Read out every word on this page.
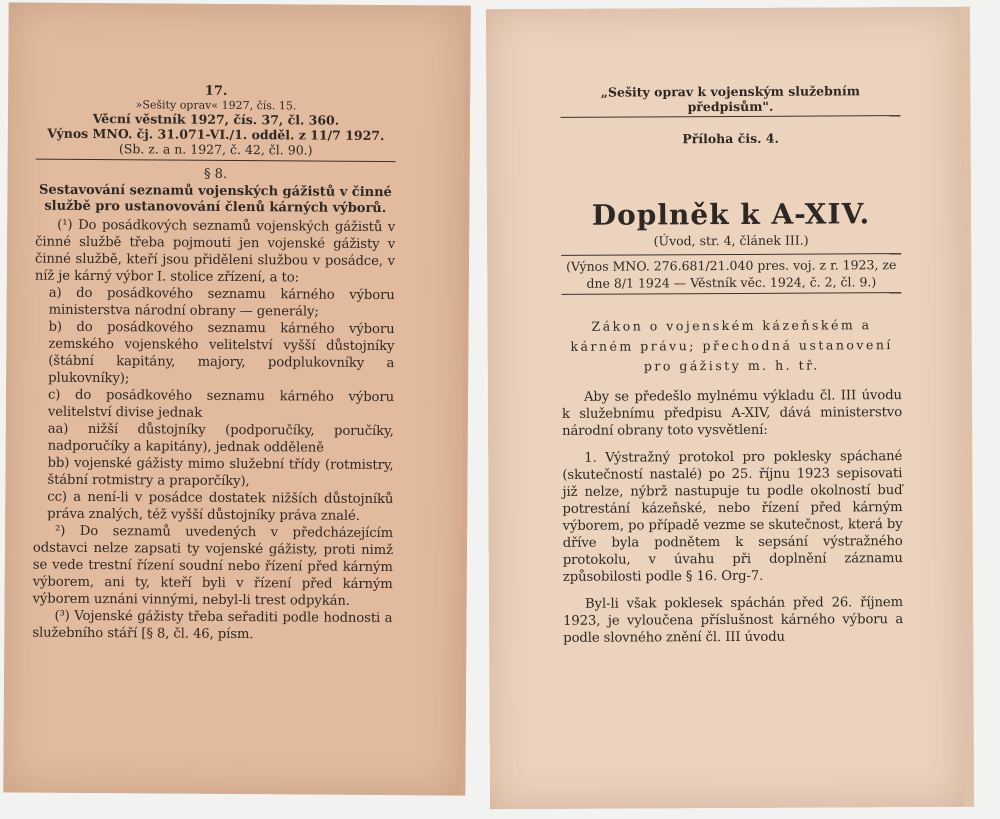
17.
»Sešity oprav« 1927, čís. 15.
Věcní věstník 1927, čís. 37, čl. 360.
Výnos MNO. čj. 31.071-VI./1. odděl. z 11/7 1927.
(Sb. z. a n. 1927, č. 42, čl. 90.)
§ 8.
Sestavování seznamů vojenských gážistů v činné službě pro ustanovování členů kárných výborů.

(¹) Do posádkových seznamů vojenských gážistů v činné službě třeba pojmouti jen vojenské gážisty v činné službě, kteří jsou přiděleni službou v posádce, v níž je kárný výbor I. stolice zřízení, a to:

a) do posádkového seznamu kárného výboru ministerstva národní obrany — generály;

b) do posádkového seznamu kárného výboru zemského vojenského velitelství vyšší důstojníky (štábní kapitány, majory, podplukovníky a plukovníky);

c) do posádkového seznamu kárného výboru velitelství divise jednak

aa) nižší důstojníky (podporučíky, poručíky, nadporučíky a kapitány), jednak odděleně

bb) vojenské gážisty mimo služební třídy (rotmistry, štábní rotmistry a praporčíky),

cc) a není-li v posádce dostatek nižších důstojníků práva znalých, též vyšší důstojníky práva znalé.

²) Do seznamů uvedených v předcházejícím odstavci nelze zapsati ty vojenské gážisty, proti nimž se vede trestní řízení soudní nebo řízení před kárným výborem, ani ty, kteří byli v řízení před kárným výborem uznáni vinnými, nebyl-li trest odpykán.

(³) Vojenské gážisty třeba seřaditi podle hodnosti a služebního stáří [§ 8, čl. 46, písm.

„Sešity oprav k vojenským služebním předpisům".
Příloha čis. 4.
Doplněk k A-XIV.
(Úvod, str. 4, článek III.)
(Výnos MNO. 276.681/21.040 pres. voj. z r. 1923, ze dne 8/1 1924 — Věstník věc. 1924, č. 2, čl. 9.)
Zákon o vojenském kázeňském a kárném právu; přechodná ustanovení pro gážisty m. h. tř.

Aby se předešlo mylnému výkladu čl. III úvodu k služebnímu předpisu A-XIV, dává ministerstvo národní obrany toto vysvětlení:

1. Výstražný protokol pro poklesky spáchané (skutečností nastalé) po 25. říjnu 1923 sepisovati již nelze, nýbrž nastupuje tu podle okolností buď potrestání kázeňské, nebo řízení před kárným výborem, po případě vezme se skutečnost, která by dříve byla podnětem k sepsání výstražného protokolu, v úvahu při doplnění záznamu způsobilosti podle § 16. Org-7.

Byl-li však poklesek spáchán před 26. říjnem 1923, je vyloučena příslušnost kárného výboru a podle slovného znění čl. III úvodu
